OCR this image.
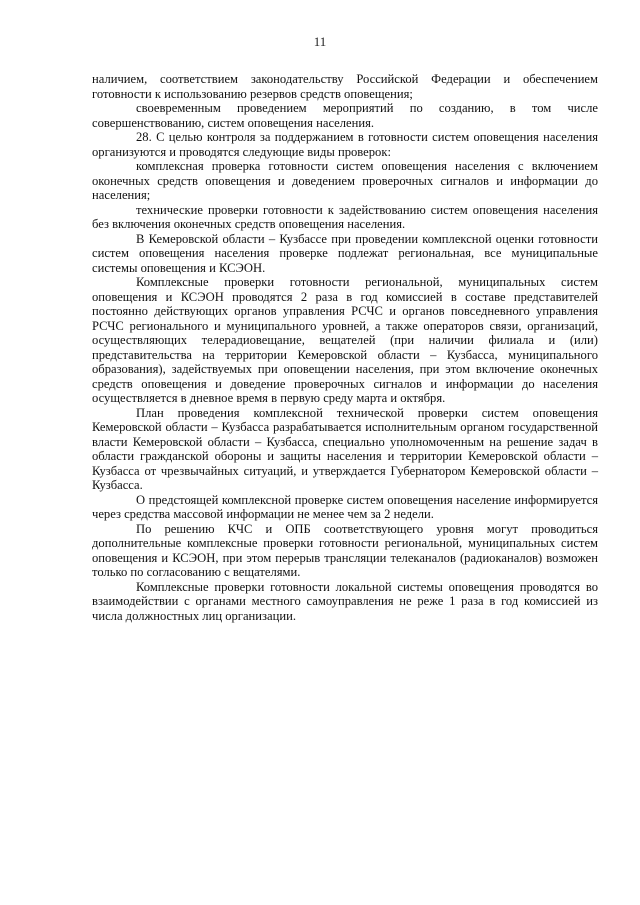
11

наличием, соответствием законодательству Российской Федерации и обеспечением готовности к использованию резервов средств оповещения;

своевременным проведением мероприятий по созданию, в том числе совершенствованию, систем оповещения населения.

28. С целью контроля за поддержанием в готовности систем оповещения населения организуются и проводятся следующие виды проверок:

комплексная проверка готовности систем оповещения населения с включением оконечных средств оповещения и доведением проверочных сигналов и информации до населения;

технические проверки готовности к задействованию систем оповещения населения без включения оконечных средств оповещения населения.

В Кемеровской области – Кузбассе при проведении комплексной оценки готовности систем оповещения населения проверке подлежат региональная, все муниципальные системы оповещения и КСЭОН.

Комплексные проверки готовности региональной, муниципальных систем оповещения и КСЭОН проводятся 2 раза в год комиссией в составе представителей постоянно действующих органов управления РСЧС и органов повседневного управления РСЧС регионального и муниципального уровней, а также операторов связи, организаций, осуществляющих телерадиовещание, вещателей (при наличии филиала и (или) представительства на территории Кемеровской области – Кузбасса, муниципального образования), задействуемых при оповещении населения, при этом включение оконечных средств оповещения и доведение проверочных сигналов и информации до населения осуществляется в дневное время в первую среду марта и октября.

План проведения комплексной технической проверки систем оповещения Кемеровской области – Кузбасса разрабатывается исполнительным органом государственной власти Кемеровской области – Кузбасса, специально уполномоченным на решение задач в области гражданской обороны и защиты населения и территории Кемеровской области – Кузбасса от чрезвычайных ситуаций, и утверждается Губернатором Кемеровской области – Кузбасса.

О предстоящей комплексной проверке систем оповещения население информируется через средства массовой информации не менее чем за 2 недели.

По решению КЧС и ОПБ соответствующего уровня могут проводиться дополнительные комплексные проверки готовности региональной, муниципальных систем оповещения и КСЭОН, при этом перерыв трансляции телеканалов (радиоканалов) возможен только по согласованию с вещателями.

Комплексные проверки готовности локальной системы оповещения проводятся во взаимодействии с органами местного самоуправления не реже 1 раза в год комиссией из числа должностных лиц организации.
